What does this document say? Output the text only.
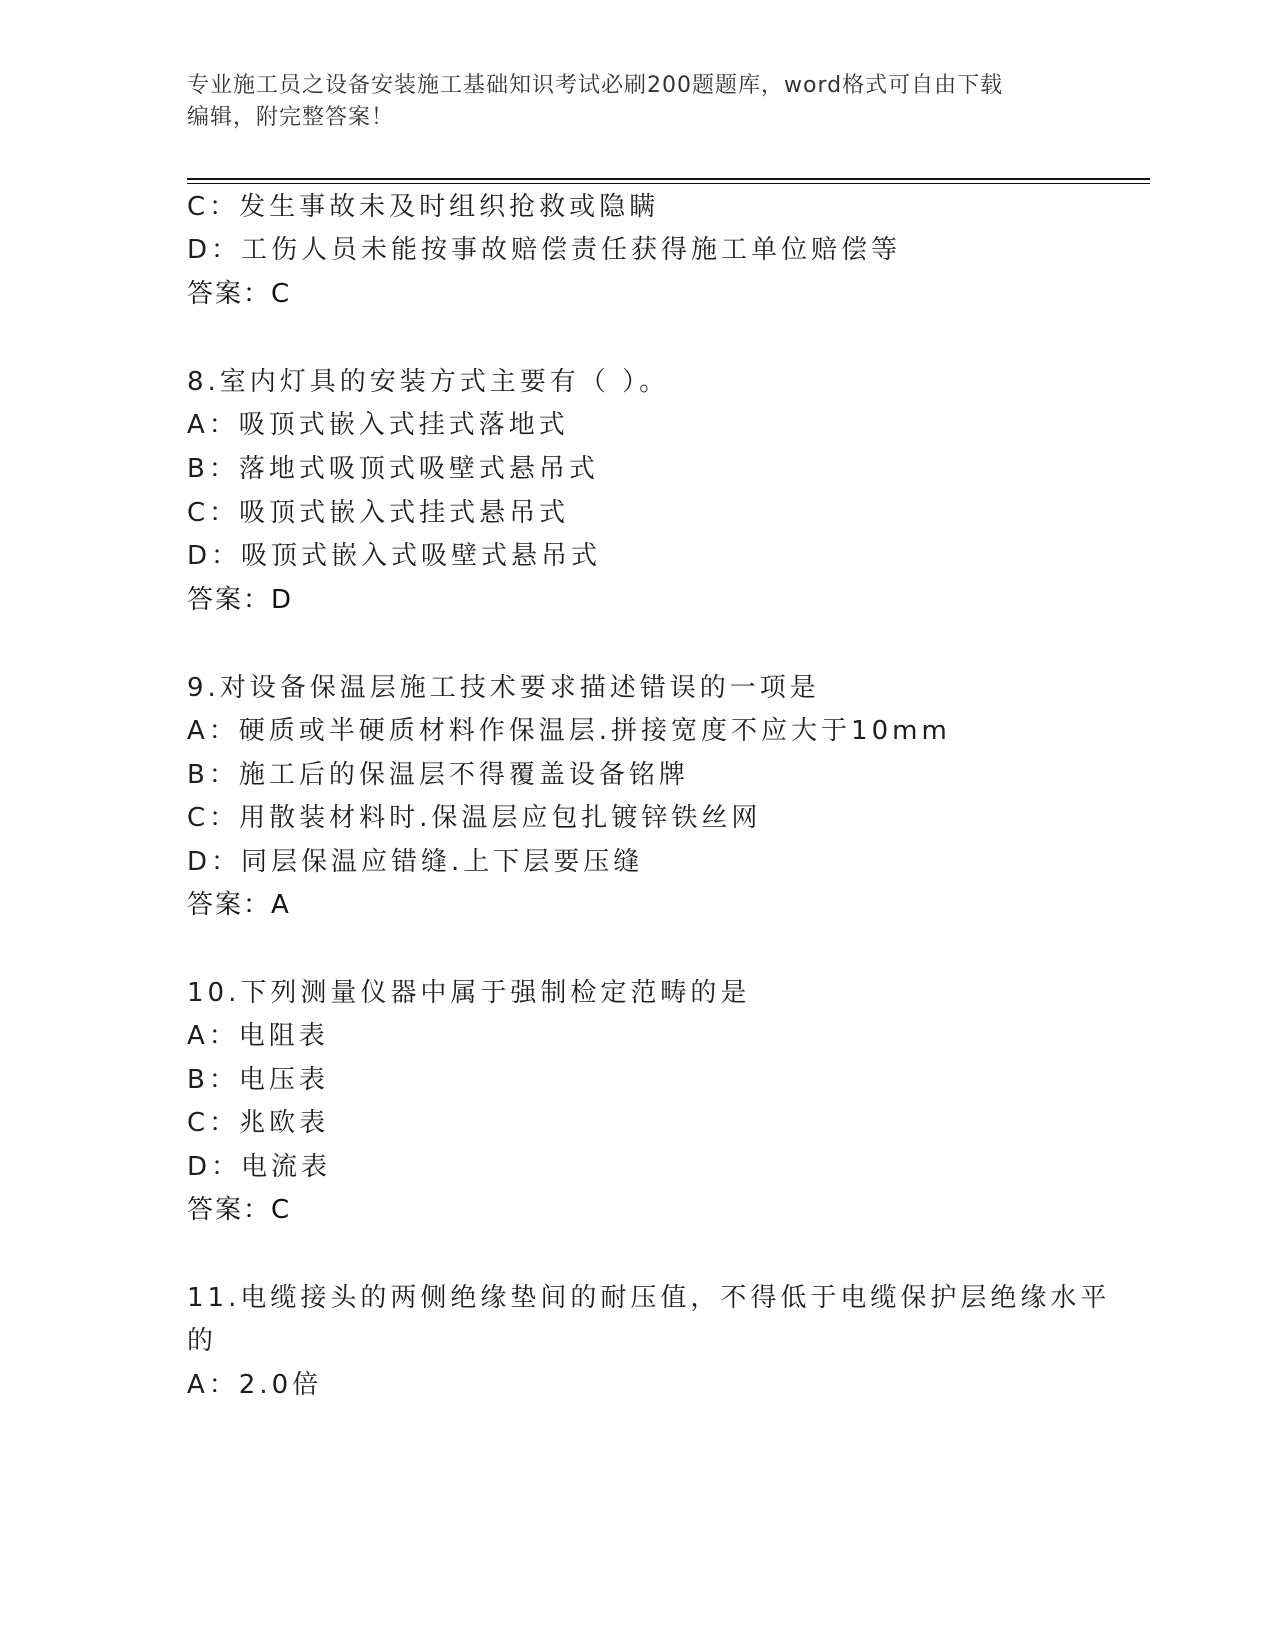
专业施工员之设备安装施工基础知识考试必刷200题题库，word格式可自由下载
编辑，附完整答案！
C：发生事故未及时组织抢救或隐瞒
D：工伤人员未能按事故赔偿责任获得施工单位赔偿等
答案：C
8.室内灯具的安装方式主要有（ ）。
A：吸顶式嵌入式挂式落地式
B：落地式吸顶式吸壁式悬吊式
C：吸顶式嵌入式挂式悬吊式
D：吸顶式嵌入式吸壁式悬吊式
答案：D
9.对设备保温层施工技术要求描述错误的一项是
A：硬质或半硬质材料作保温层.拼接宽度不应大于10mm
B：施工后的保温层不得覆盖设备铭牌
C：用散装材料时.保温层应包扎镀锌铁丝网
D：同层保温应错缝.上下层要压缝
答案：A
10.下列测量仪器中属于强制检定范畴的是
A：电阻表
B：电压表
C：兆欧表
D：电流表
答案：C
11.电缆接头的两侧绝缘垫间的耐压值，不得低于电缆保护层绝缘水平
的
A：2.0倍
